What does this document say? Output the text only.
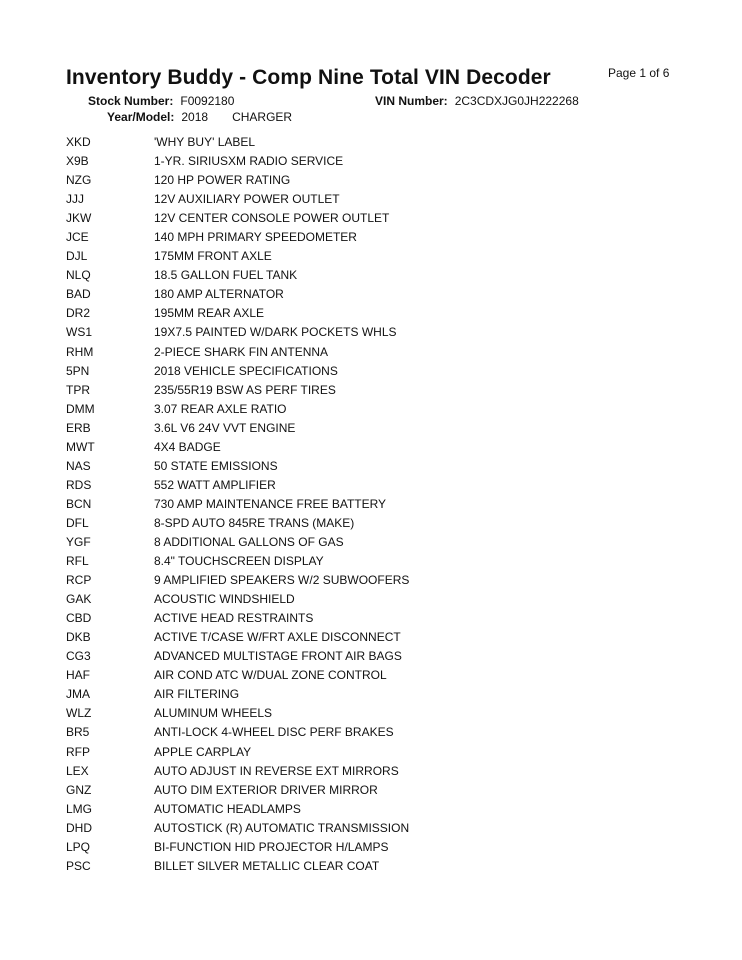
Inventory Buddy - Comp Nine Total VIN Decoder	Page 1 of 6
Stock Number: F0092180	VIN Number: 2C3CDXJG0JH222268
Year/Model: 2018 CHARGER
XKD	'WHY BUY' LABEL
X9B	1-YR. SIRIUSXM RADIO SERVICE
NZG	120 HP POWER RATING
JJJ	12V AUXILIARY POWER OUTLET
JKW	12V CENTER CONSOLE POWER OUTLET
JCE	140 MPH PRIMARY SPEEDOMETER
DJL	175MM FRONT AXLE
NLQ	18.5 GALLON FUEL TANK
BAD	180 AMP ALTERNATOR
DR2	195MM REAR AXLE
WS1	19X7.5 PAINTED W/DARK POCKETS WHLS
RHM	2-PIECE SHARK FIN ANTENNA
5PN	2018 VEHICLE SPECIFICATIONS
TPR	235/55R19 BSW AS PERF TIRES
DMM	3.07 REAR AXLE RATIO
ERB	3.6L V6 24V VVT ENGINE
MWT	4X4 BADGE
NAS	50 STATE EMISSIONS
RDS	552 WATT AMPLIFIER
BCN	730 AMP MAINTENANCE FREE BATTERY
DFL	8-SPD AUTO 845RE TRANS (MAKE)
YGF	8 ADDITIONAL GALLONS OF GAS
RFL	8.4" TOUCHSCREEN DISPLAY
RCP	9 AMPLIFIED SPEAKERS W/2 SUBWOOFERS
GAK	ACOUSTIC WINDSHIELD
CBD	ACTIVE HEAD RESTRAINTS
DKB	ACTIVE T/CASE W/FRT AXLE DISCONNECT
CG3	ADVANCED MULTISTAGE FRONT AIR BAGS
HAF	AIR COND ATC W/DUAL ZONE CONTROL
JMA	AIR FILTERING
WLZ	ALUMINUM WHEELS
BR5	ANTI-LOCK 4-WHEEL DISC PERF BRAKES
RFP	APPLE CARPLAY
LEX	AUTO ADJUST IN REVERSE EXT MIRRORS
GNZ	AUTO DIM EXTERIOR DRIVER MIRROR
LMG	AUTOMATIC HEADLAMPS
DHD	AUTOSTICK (R) AUTOMATIC TRANSMISSION
LPQ	BI-FUNCTION HID PROJECTOR H/LAMPS
PSC	BILLET SILVER METALLIC CLEAR COAT
